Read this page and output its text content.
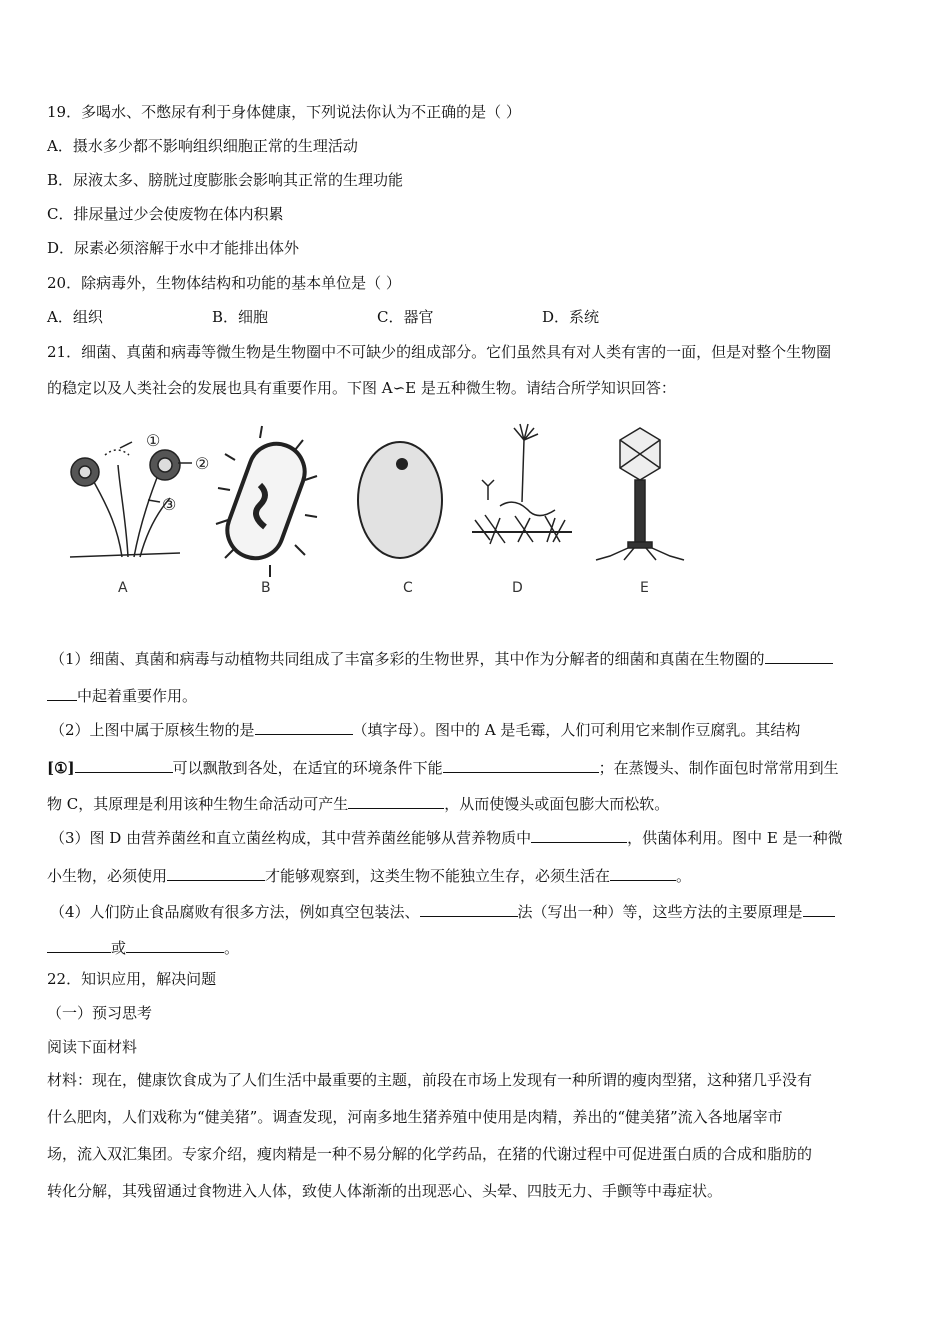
19．多喝水、不憋尿有利于身体健康，下列说法你认为不正确的是（ ）
A．摄水多少都不影响组织细胞正常的生理活动
B．尿液太多、膀胱过度膨胀会影响其正常的生理功能
C．排尿量过少会使废物在体内积累
D．尿素必须溶解于水中才能排出体外
20．除病毒外，生物体结构和功能的基本单位是（ ）
A．组织	B．细胞	C．器官	D．系统
21．细菌、真菌和病毒等微生物是生物圈中不可缺少的组成部分。它们虽然具有对人类有害的一面，但是对整个生物圈
的稳定以及人类社会的发展也具有重要作用。下图 A∽E 是五种微生物。请结合所学知识回答：
①
②
③
A	B	C	D	E
（1）细菌、真菌和病毒与动植物共同组成了丰富多彩的生物世界，其中作为分解者的细菌和真菌在生物圈的
中起着重要作用。
（2）上图中属于原核生物的是	（填字母）。图中的 A 是毛霉，人们可利用它来制作豆腐乳。其结构
[①]	可以飘散到各处，在适宜的环境条件下能	；在蒸馒头、制作面包时常常用到生
物 C，其原理是利用该种生物生命活动可产生	，从而使馒头或面包膨大而松软。
（3）图 D 由营养菌丝和直立菌丝构成，其中营养菌丝能够从营养物质中	，供菌体利用。图中 E 是一种微
小生物，必须使用	才能够观察到，这类生物不能独立生存，必须生活在	。
（4）人们防止食品腐败有很多方法，例如真空包装法、	法（写出一种）等，这些方法的主要原理是
或	。
22．知识应用，解决问题
（一）预习思考
阅读下面材料
材料：现在，健康饮食成为了人们生活中最重要的主题，前段在市场上发现有一种所谓的瘦肉型猪，这种猪几乎没有
什么肥肉，人们戏称为“健美猪”。调查发现，河南多地生猪养殖中使用是肉精，养出的“健美猪”流入各地屠宰市
场，流入双汇集团。专家介绍，瘦肉精是一种不易分解的化学药品，在猪的代谢过程中可促进蛋白质的合成和脂肪的
转化分解，其残留通过食物进入人体，致使人体渐渐的出现恶心、头晕、四肢无力、手颤等中毒症状。
